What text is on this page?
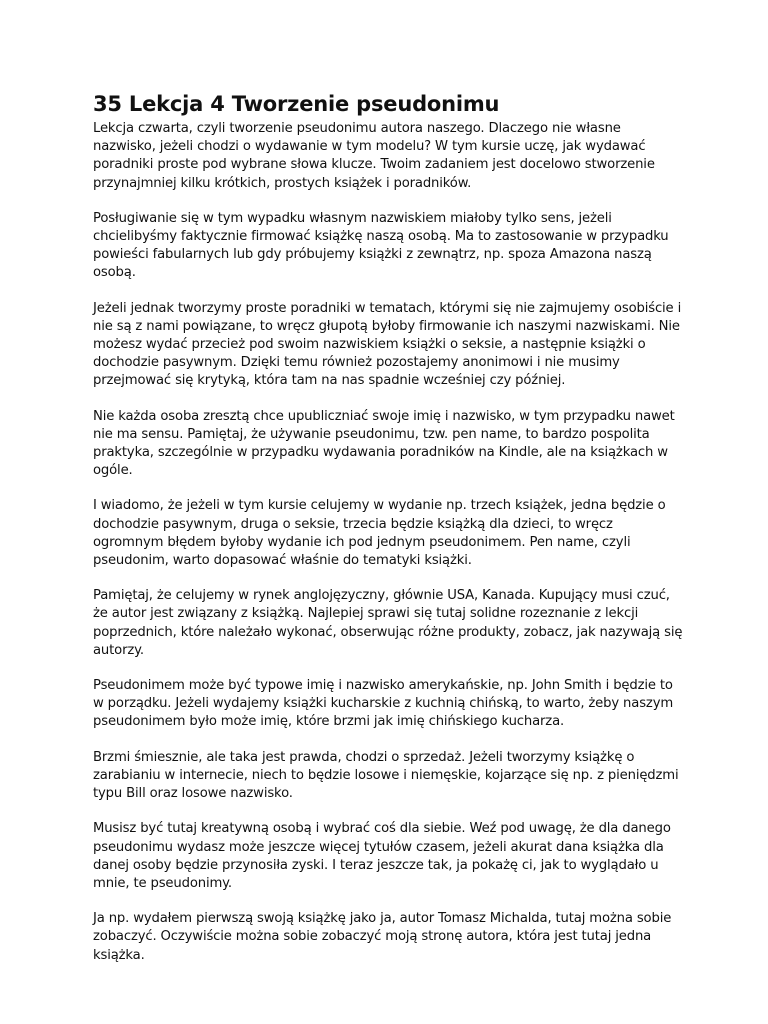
35 Lekcja 4 Tworzenie pseudonimu

Lekcja czwarta, czyli tworzenie pseudonimu autora naszego. Dlaczego nie własne nazwisko, jeżeli chodzi o wydawanie w tym modelu? W tym kursie uczę, jak wydawać poradniki proste pod wybrane słowa klucze. Twoim zadaniem jest docelowo stworzenie przynajmniej kilku krótkich, prostych książek i poradników.

Posługiwanie się w tym wypadku własnym nazwiskiem miałoby tylko sens, jeżeli chcielibyśmy faktycznie firmować książkę naszą osobą. Ma to zastosowanie w przypadku powieści fabularnych lub gdy próbujemy książki z zewnątrz, np. spoza Amazona naszą osobą.

Jeżeli jednak tworzymy proste poradniki w tematach, którymi się nie zajmujemy osobiście i nie są z nami powiązane, to wręcz głupotą byłoby firmowanie ich naszymi nazwiskami. Nie możesz wydać przecież pod swoim nazwiskiem książki o seksie, a następnie książki o dochodzie pasywnym. Dzięki temu również pozostajemy anonimowi i nie musimy przejmować się krytyką, która tam na nas spadnie wcześniej czy później.

Nie każda osoba zresztą chce upubliczniać swoje imię i nazwisko, w tym przypadku nawet nie ma sensu. Pamiętaj, że używanie pseudonimu, tzw. pen name, to bardzo pospolita praktyka, szczególnie w przypadku wydawania poradników na Kindle, ale na książkach w ogóle.

I wiadomo, że jeżeli w tym kursie celujemy w wydanie np. trzech książek, jedna będzie o dochodzie pasywnym, druga o seksie, trzecia będzie książką dla dzieci, to wręcz ogromnym błędem byłoby wydanie ich pod jednym pseudonimem. Pen name, czyli pseudonim, warto dopasować właśnie do tematyki książki.

Pamiętaj, że celujemy w rynek anglojęzyczny, głównie USA, Kanada. Kupujący musi czuć, że autor jest związany z książką. Najlepiej sprawi się tutaj solidne rozeznanie z lekcji poprzednich, które należało wykonać, obserwując różne produkty, zobacz, jak nazywają się autorzy.

Pseudonimem może być typowe imię i nazwisko amerykańskie, np. John Smith i będzie to w porządku. Jeżeli wydajemy książki kucharskie z kuchnią chińską, to warto, żeby naszym pseudonimem było może imię, które brzmi jak imię chińskiego kucharza.

Brzmi śmiesznie, ale taka jest prawda, chodzi o sprzedaż. Jeżeli tworzymy książkę o zarabianiu w internecie, niech to będzie losowe i niemęskie, kojarzące się np. z pieniędzmi typu Bill oraz losowe nazwisko.

Musisz być tutaj kreatywną osobą i wybrać coś dla siebie. Weź pod uwagę, że dla danego pseudonimu wydasz może jeszcze więcej tytułów czasem, jeżeli akurat dana książka dla danej osoby będzie przynosiła zyski. I teraz jeszcze tak, ja pokażę ci, jak to wyglądało u mnie, te pseudonimy.

Ja np. wydałem pierwszą swoją książkę jako ja, autor Tomasz Michalda, tutaj można sobie zobaczyć. Oczywiście można sobie zobaczyć moją stronę autora, która jest tutaj jedna książka.
